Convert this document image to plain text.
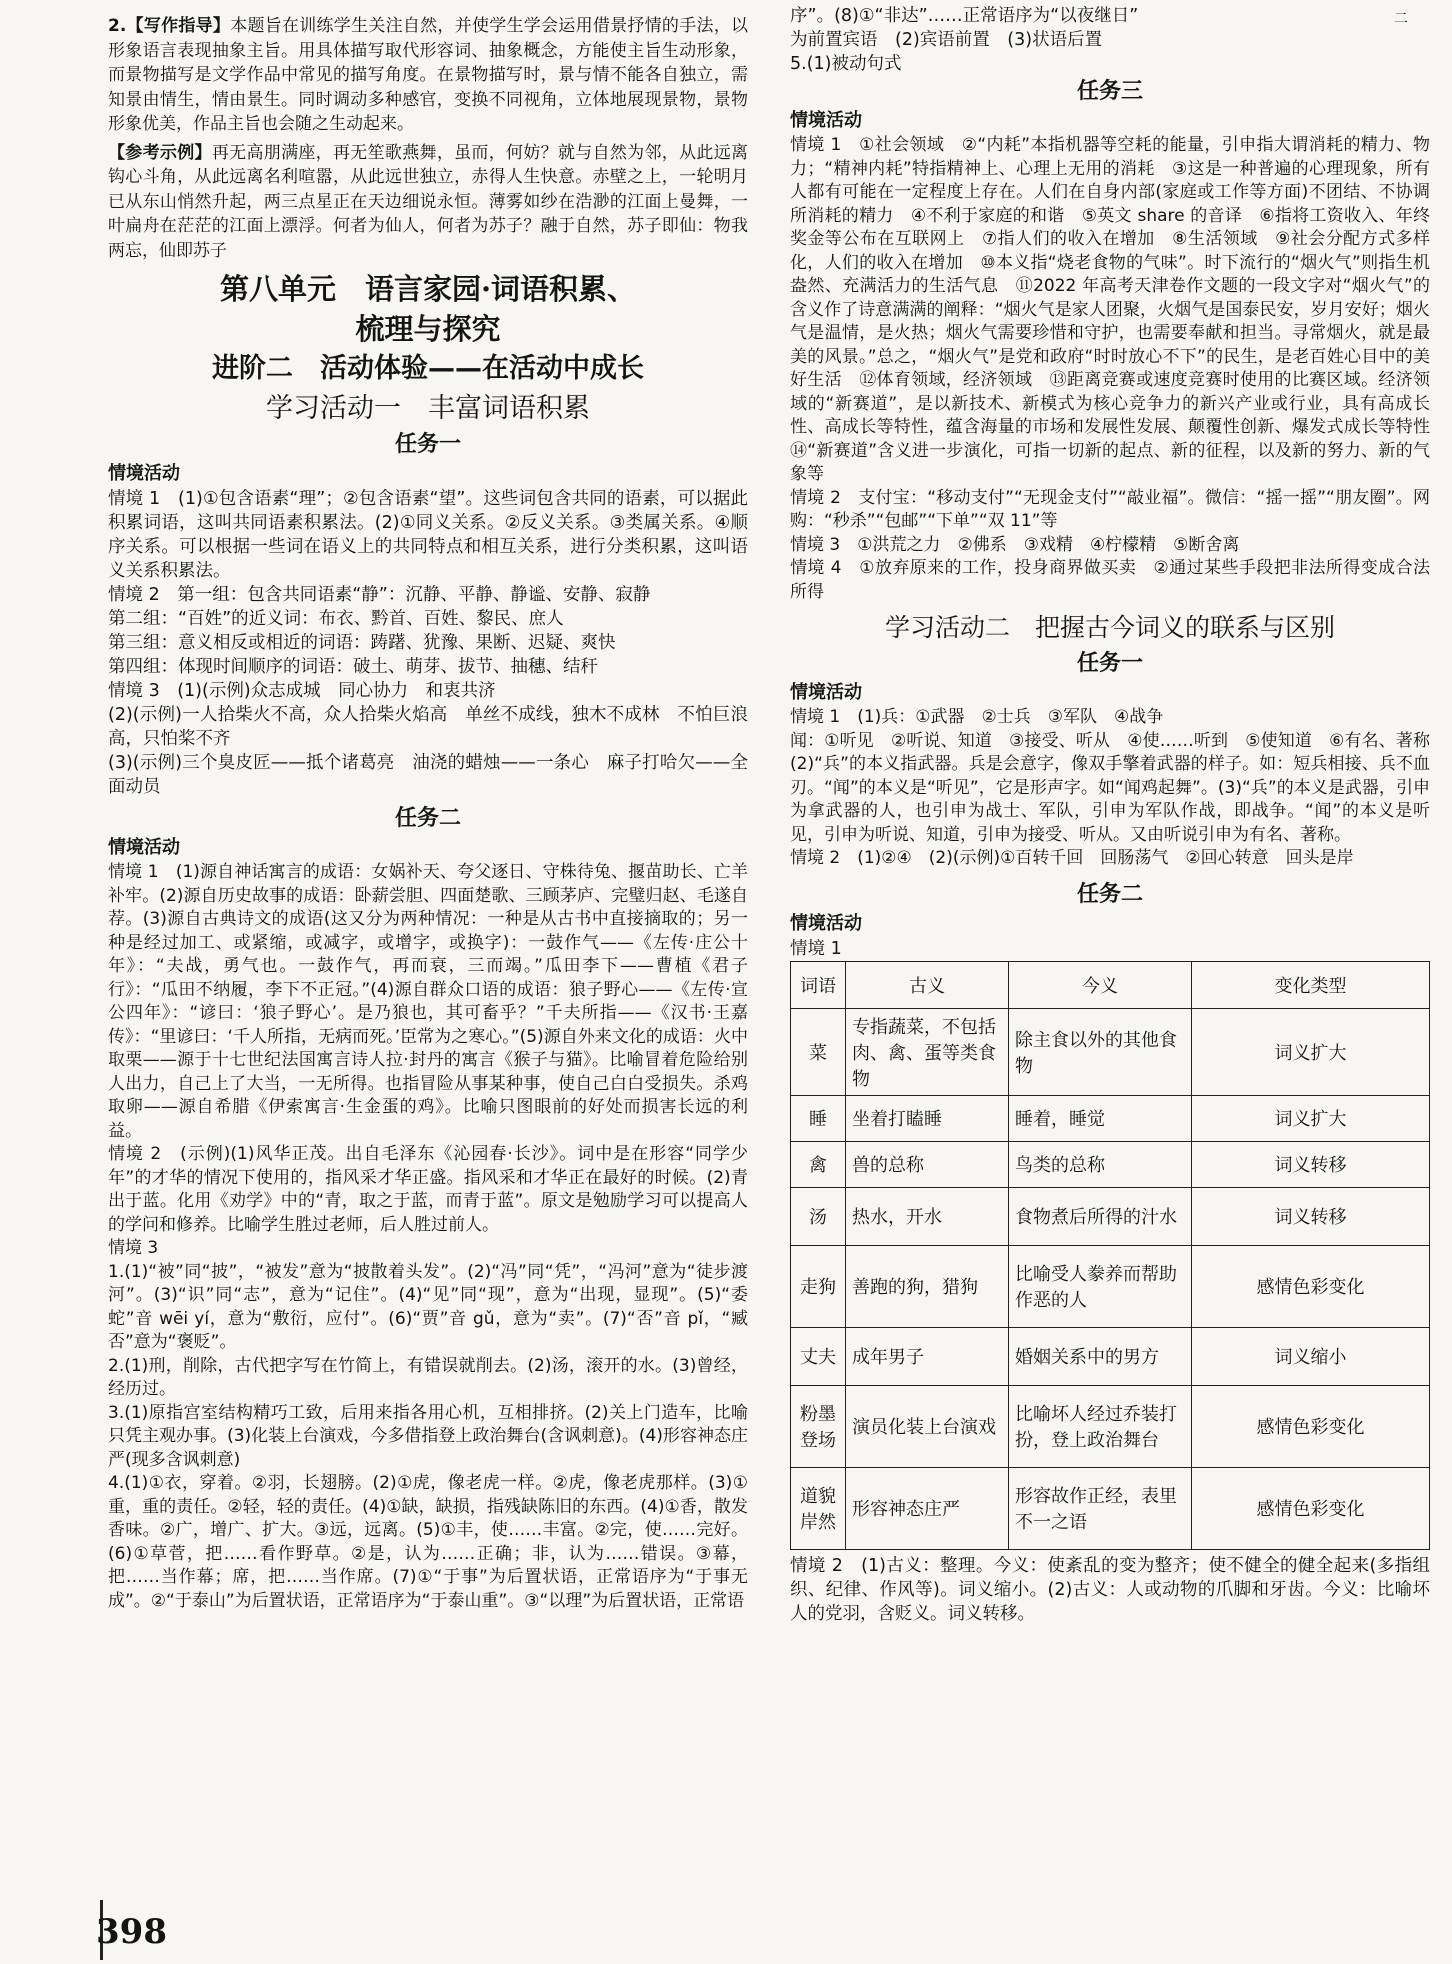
二

2.【写作指导】本题旨在训练学生关注自然，并使学生学会运用借景抒情的手法，以形象语言表现抽象主旨。用具体描写取代形容词、抽象概念，方能使主旨生动形象，而景物描写是文学作品中常见的描写角度。在景物描写时，景与情不能各自独立，需知景由情生，情由景生。同时调动多种感官，变换不同视角，立体地展现景物，景物形象优美，作品主旨也会随之生动起来。

【参考示例】再无高朋满座，再无笙歌燕舞，虽而，何妨？就与自然为邻，从此远离钩心斗角，从此远离名利喧嚣，从此远世独立，赤得人生快意。赤壁之上，一轮明月已从东山悄然升起，两三点星正在天边细说永恒。薄雾如纱在浩渺的江面上曼舞，一叶扁舟在茫茫的江面上漂浮。何者为仙人，何者为苏子？融于自然，苏子即仙：物我两忘，仙即苏子

第八单元　语言家园·词语积累、

梳理与探究

进阶二　活动体验——在活动中成长

学习活动一　丰富词语积累

任务一

情境活动

情境 1　(1)①包含语素“理”；②包含语素“望”。这些词包含共同的语素，可以据此积累词语，这叫共同语素积累法。(2)①同义关系。②反义关系。③类属关系。④顺序关系。可以根据一些词在语义上的共同特点和相互关系，进行分类积累，这叫语义关系积累法。

情境 2　第一组：包含共同语素“静”：沉静、平静、静谧、安静、寂静

第二组：“百姓”的近义词：布衣、黔首、百姓、黎民、庶人

第三组：意义相反或相近的词语：踌躇、犹豫、果断、迟疑、爽快

第四组：体现时间顺序的词语：破土、萌芽、拔节、抽穗、结秆

情境 3　(1)(示例)众志成城　同心协力　和衷共济

(2)(示例)一人拾柴火不高，众人拾柴火焰高　单丝不成线，独木不成林　不怕巨浪高，只怕桨不齐

(3)(示例)三个臭皮匠——抵个诸葛亮　油浇的蜡烛——一条心　麻子打哈欠——全面动员

任务二

情境活动

情境 1　(1)源自神话寓言的成语：女娲补天、夸父逐日、守株待兔、揠苗助长、亡羊补牢。(2)源自历史故事的成语：卧薪尝胆、四面楚歌、三顾茅庐、完璧归赵、毛遂自荐。(3)源自古典诗文的成语(这又分为两种情况：一种是从古书中直接摘取的；另一种是经过加工、或紧缩，或减字，或增字，或换字)：一鼓作气——《左传·庄公十年》：“夫战，勇气也。一鼓作气，再而衰，三而竭。”瓜田李下——曹植《君子行》：“瓜田不纳履，李下不正冠。”(4)源自群众口语的成语：狼子野心——《左传·宣公四年》：“谚曰：‘狼子野心’。是乃狼也，其可畜乎？”千夫所指——《汉书·王嘉传》：“里谚曰：‘千人所指，无病而死。’臣常为之寒心。”(5)源自外来文化的成语：火中取栗——源于十七世纪法国寓言诗人拉·封丹的寓言《猴子与猫》。比喻冒着危险给别人出力，自己上了大当，一无所得。也指冒险从事某种事，使自己白白受损失。杀鸡取卵——源自希腊《伊索寓言·生金蛋的鸡》。比喻只图眼前的好处而损害长远的利益。

情境 2　(示例)(1)风华正茂。出自毛泽东《沁园春·长沙》。词中是在形容“同学少年”的才华的情况下使用的，指风采才华正盛。指风采和才华正在最好的时候。(2)青出于蓝。化用《劝学》中的“青，取之于蓝，而青于蓝”。原文是勉励学习可以提高人的学问和修养。比喻学生胜过老师，后人胜过前人。

情境 3

1.(1)“被”同“披”，“被发”意为“披散着头发”。(2)“冯”同“凭”，“冯河”意为“徒步渡河”。(3)“识”同“志”，意为“记住”。(4)“见”同“现”，意为“出现，显现”。(5)“委蛇”音 wēi yí，意为“敷衍，应付”。(6)“贾”音 gǔ，意为“卖”。(7)“否”音 pǐ，“臧否”意为“褒贬”。

2.(1)刑，削除，古代把字写在竹简上，有错误就削去。(2)汤，滚开的水。(3)曾经，经历过。

3.(1)原指宫室结构精巧工致，后用来指各用心机，互相排挤。(2)关上门造车，比喻只凭主观办事。(3)化装上台演戏，今多借指登上政治舞台(含讽刺意)。(4)形容神态庄严(现多含讽刺意)

4.(1)①衣，穿着。②羽，长翅膀。(2)①虎，像老虎一样。②虎，像老虎那样。(3)①重，重的责任。②轻，轻的责任。(4)①缺，缺损，指残缺陈旧的东西。(4)①香，散发香味。②广，增广、扩大。③远，远离。(5)①丰，使……丰富。②完，使……完好。(6)①草菅，把……看作野草。②是，认为……正确；非，认为……错误。③幕，把……当作幕；席，把……当作席。(7)①“于事”为后置状语，正常语序为“于事无成”。②“于泰山”为后置状语，正常语序为“于泰山重”。③“以理”为后置状语，正常语

序”。(8)①“非达”……正常语序为“以夜继日”

为前置宾语　(2)宾语前置　(3)状语后置

5.(1)被动句式

任务三

情境活动

情境 1　①社会领域　②“内耗”本指机器等空耗的能量，引申指大谓消耗的精力、物力；“精神内耗”特指精神上、心理上无用的消耗　③这是一种普遍的心理现象，所有人都有可能在一定程度上存在。人们在自身内部(家庭或工作等方面)不团结、不协调所消耗的精力　④不利于家庭的和谐　⑤英文 share 的音译　⑥指将工资收入、年终奖金等公布在互联网上　⑦指人们的收入在增加　⑧生活领域　⑨社会分配方式多样化，人们的收入在增加　⑩本义指“烧老食物的气味”。时下流行的“烟火气”则指生机盎然、充满活力的生活气息　⑪2022 年高考天津卷作文题的一段文字对“烟火气”的含义作了诗意满满的阐释：“烟火气是家人团聚，火烟气是国泰民安，岁月安好；烟火气是温情，是火热；烟火气需要珍惜和守护，也需要奉献和担当。寻常烟火，就是最美的风景。”总之，“烟火气”是党和政府“时时放心不下”的民生，是老百姓心目中的美好生活　⑫体育领域，经济领域　⑬距离竞赛或速度竞赛时使用的比赛区域。经济领域的“新赛道”，是以新技术、新模式为核心竞争力的新兴产业或行业，具有高成长性、高成长等特性，蕴含海量的市场和发展性发展、颠覆性创新、爆发式成长等特性　⑭“新赛道”含义进一步演化，可指一切新的起点、新的征程，以及新的努力、新的气象等

情境 2　支付宝：“移动支付”“无现金支付”“敲业福”。微信：“摇一摇”“朋友圈”。网购：“秒杀”“包邮”“下单”“双 11”等

情境 3　①洪荒之力　②佛系　③戏精　④柠檬精　⑤断舍离

情境 4　①放弃原来的工作，投身商界做买卖　②通过某些手段把非法所得变成合法所得

学习活动二　把握古今词义的联系与区别

任务一

情境活动

情境 1　(1)兵：①武器　②士兵　③军队　④战争

闻：①听见　②听说、知道　③接受、听从　④使……听到　⑤使知道　⑥有名、著称　(2)“兵”的本义指武器。兵是会意字，像双手擎着武器的样子。如：短兵相接、兵不血刃。“闻”的本义是“听见”，它是形声字。如“闻鸡起舞”。(3)“兵”的本义是武器，引申为拿武器的人，也引申为战士、军队，引申为军队作战，即战争。“闻”的本义是听见，引申为听说、知道，引申为接受、听从。又由听说引申为有名、著称。

情境 2　(1)②④　(2)(示例)①百转千回　回肠荡气　②回心转意　回头是岸

任务二

情境活动

情境 1

词语	古义	今义	变化类型
菜	专指蔬菜，不包括肉、禽、蛋等类食物	除主食以外的其他食物	词义扩大
睡	坐着打瞌睡	睡着，睡觉	词义扩大
禽	兽的总称	鸟类的总称	词义转移
汤	热水，开水	食物煮后所得的汁水	词义转移
走狗	善跑的狗，猎狗	比喻受人豢养而帮助作恶的人	感情色彩变化
丈夫	成年男子	婚姻关系中的男方	词义缩小
粉墨登场	演员化装上台演戏	比喻坏人经过乔装打扮，登上政治舞台	感情色彩变化
道貌岸然	形容神态庄严	形容故作正经，表里不一之语	感情色彩变化

情境 2　(1)古义：整理。今义：使紊乱的变为整齐；使不健全的健全起来(多指组织、纪律、作风等)。词义缩小。(2)古义：人或动物的爪脚和牙齿。今义：比喻坏人的党羽，含贬义。词义转移。

398
